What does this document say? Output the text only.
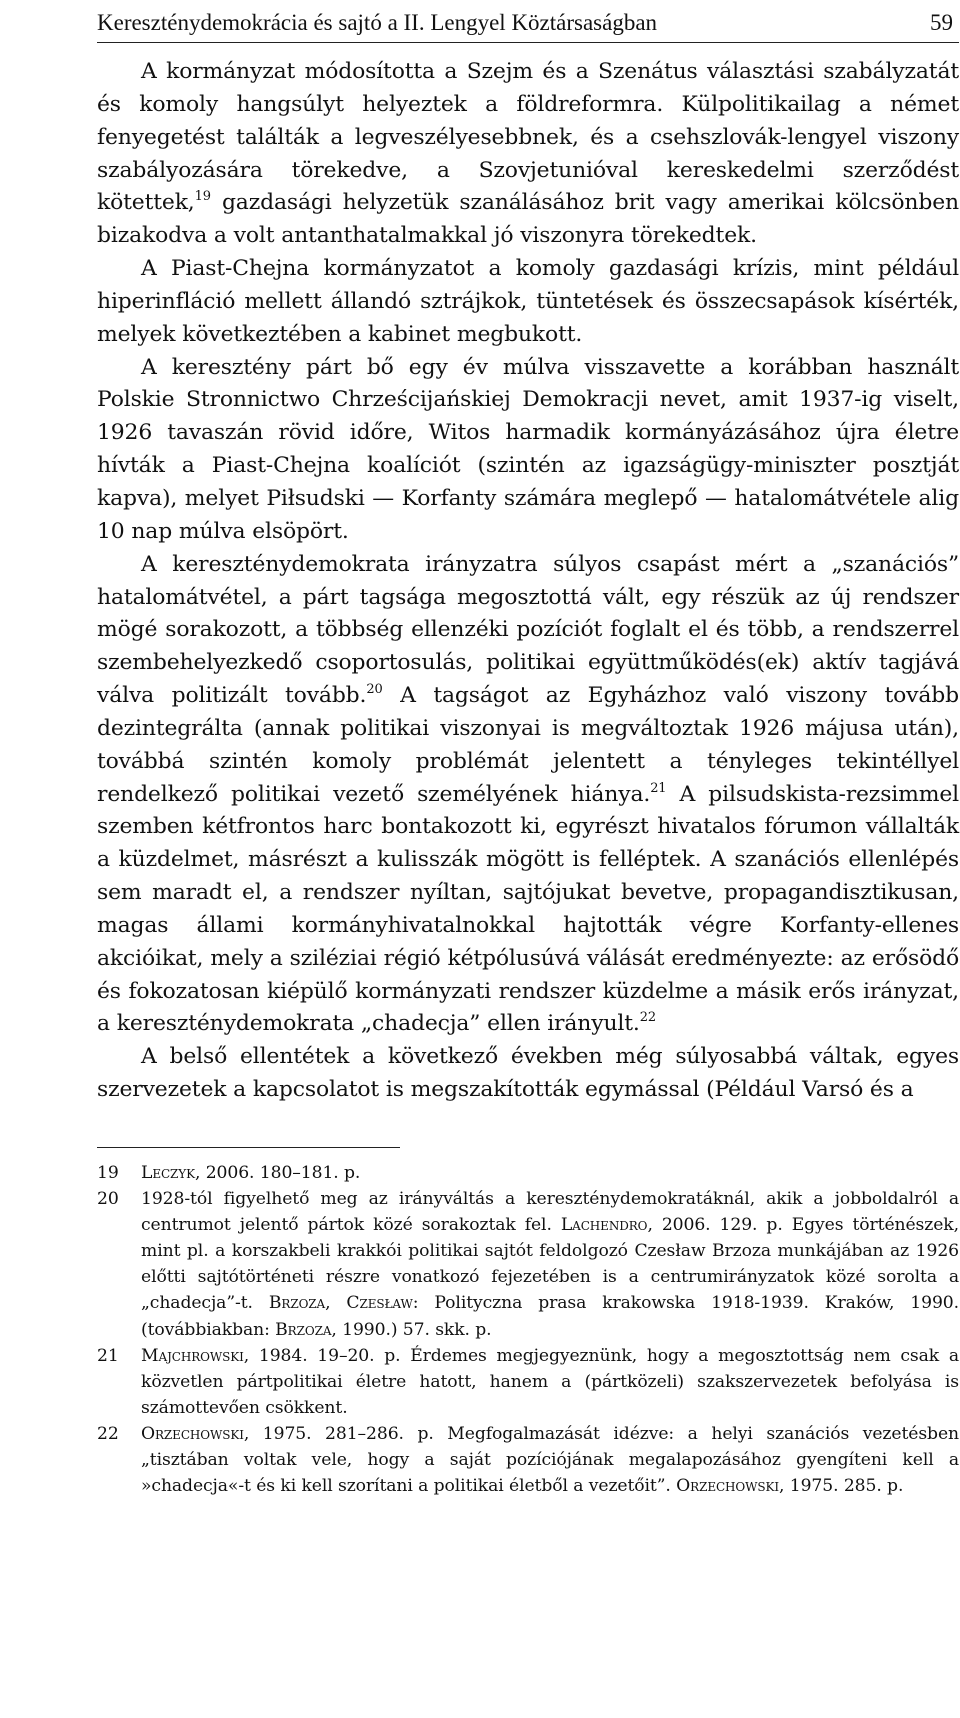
Kereszténydemokrácia és sajtó a II. Lengyel Köztársaságban	59

A kormányzat módosította a Szejm és a Szenátus választási szabályzatát és komoly hangsúlyt helyeztek a földreformra. Külpolitikailag a német fenyegetést találták a legveszélyesebbnek, és a csehszlovák-lengyel viszony szabályozására törekedve, a Szovjetunióval kereskedelmi szerződést kötettek,$^{19}$ gazdasági helyzetük szanálásához brit vagy amerikai kölcsönben bizakodva a volt antanthatalmakkal jó viszonyra törekedtek.

A Piast-Chejna kormányzatot a komoly gazdasági krízis, mint például hiperinfláció mellett állandó sztrájkok, tüntetések és összecsapások kísérték, melyek következtében a kabinet megbukott.

A keresztény párt bő egy év múlva visszavette a korábban használt Polskie Stronnictwo Chrześcijańskiej Demokracji nevet, amit 1937-ig viselt, 1926 tavaszán rövid időre, Witos harmadik kormányázásához újra életre hívták a Piast-Chejna koalíciót (szintén az igazságügy-miniszter posztját kapva), melyet Piłsudski — Korfanty számára meglepő — hatalomátvétele alig 10 nap múlva elsöpört.

A kereszténydemokrata irányzatra súlyos csapást mért a „szanációs” hatalomátvétel, a párt tagsága megosztottá vált, egy részük az új rendszer mögé sorakozott, a többség ellenzéki pozíciót foglalt el és több, a rendszerrel szembehelyezkedő csoportosulás, politikai együttműködés(ek) aktív tagjává válva politizált tovább.$^{20}$ A tagságot az Egyházhoz való viszony tovább dezintegrálta (annak politikai viszonyai is megváltoztak 1926 májusa után), továbbá szintén komoly problémát jelentett a tényleges tekintéllyel rendelkező politikai vezető személyének hiánya.$^{21}$ A pilsudskista-rezsimmel szemben kétfrontos harc bontakozott ki, egyrészt hivatalos fórumon vállalták a küzdelmet, másrészt a kulisszák mögött is felléptek. A szanációs ellenlépés sem maradt el, a rendszer nyíltan, sajtójukat bevetve, propagandisztikusan, magas állami kormányhivatalnokkal hajtották végre Korfanty-ellenes akcióikat, mely a sziléziai régió kétpólusúvá válását eredményezte: az erősödő és fokozatosan kiépülő kormányzati rendszer küzdelme a másik erős irányzat, a kereszténydemokrata „chadecja” ellen irányult.$^{22}$

A belső ellentétek a következő években még súlyosabbá váltak, egyes szervezetek a kapcsolatot is megszakították egymással (Például Varsó és a

19	Leczyk, 2006. 180–181. p.
20	1928-tól figyelhető meg az irányváltás a kereszténydemokratáknál, akik a jobboldalról a centrumot jelentő pártok közé sorakoztak fel. Lachendro, 2006. 129. p. Egyes történészek, mint pl. a korszakbeli krakkói politikai sajtót feldolgozó Czesław Brzoza munkájában az 1926 előtti sajtótörténeti részre vonatkozó fejezetében is a centrumirányzatok közé sorolta a „chadecja”-t. Brzoza, Czesław: Polityczna prasa krakowska 1918-1939. Kraków, 1990. (továbbiakban: Brzoza, 1990.) 57. skk. p.
21	Majchrowski, 1984. 19–20. p. Érdemes megjegyeznünk, hogy a megosztottság nem csak a közvetlen pártpolitikai életre hatott, hanem a (pártközeli) szakszervezetek befolyása is számottevően csökkent.
22	Orzechowski, 1975. 281–286. p. Megfogalmazását idézve: a helyi szanációs vezetésben „tisztában voltak vele, hogy a saját pozíciójának megalapozásához gyengíteni kell a »chadecja«-t és ki kell szorítani a politikai életből a vezetőit”. Orzechowski, 1975. 285. p.
